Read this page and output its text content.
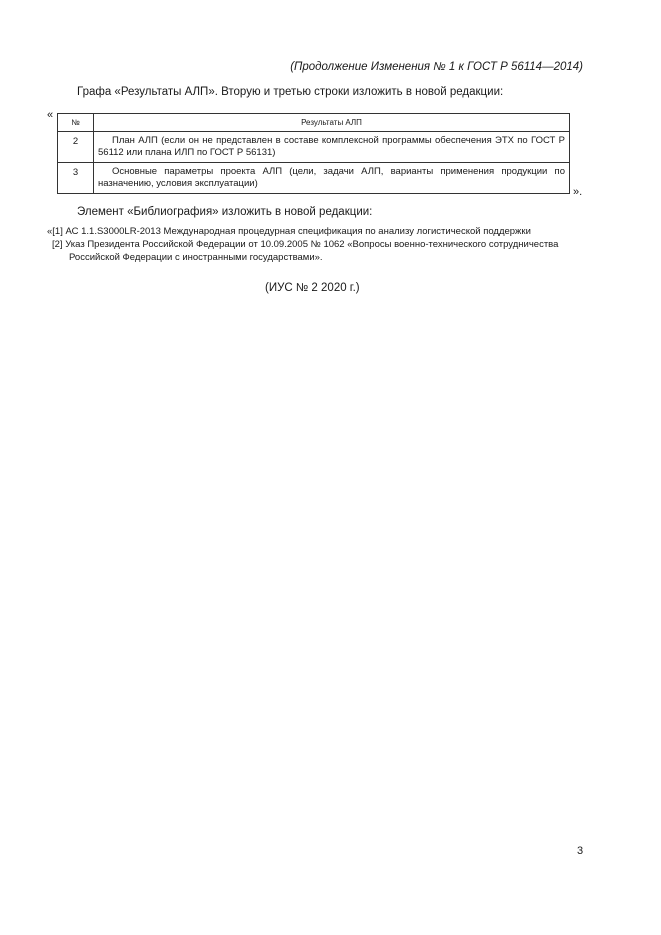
(Продолжение Изменения № 1 к ГОСТ Р 56114—2014)
Графа «Результаты АЛП». Вторую и третью строки изложить в новой редакции:
«
№	Результаты АЛП
2	План АЛП (если он не представлен в составе комплексной программы обеспечения ЭТХ по ГОСТ Р 56112 или плана ИЛП по ГОСТ Р 56131)

3	Основные параметры проекта АЛП (цели, задачи АЛП, варианты применения продукции по назначению, условия эксплуатации)
».
Элемент «Библиография» изложить в новой редакции:
«[1] АС 1.1.S3000LR-2013 Международная процедурная спецификация по анализу логистической поддержки
[2] Указ Президента Российской Федерации от 10.09.2005 № 1062 «Вопросы военно-технического сотрудничества
Российской Федерации с иностранными государствами».
(ИУС № 2 2020 г.)
3
